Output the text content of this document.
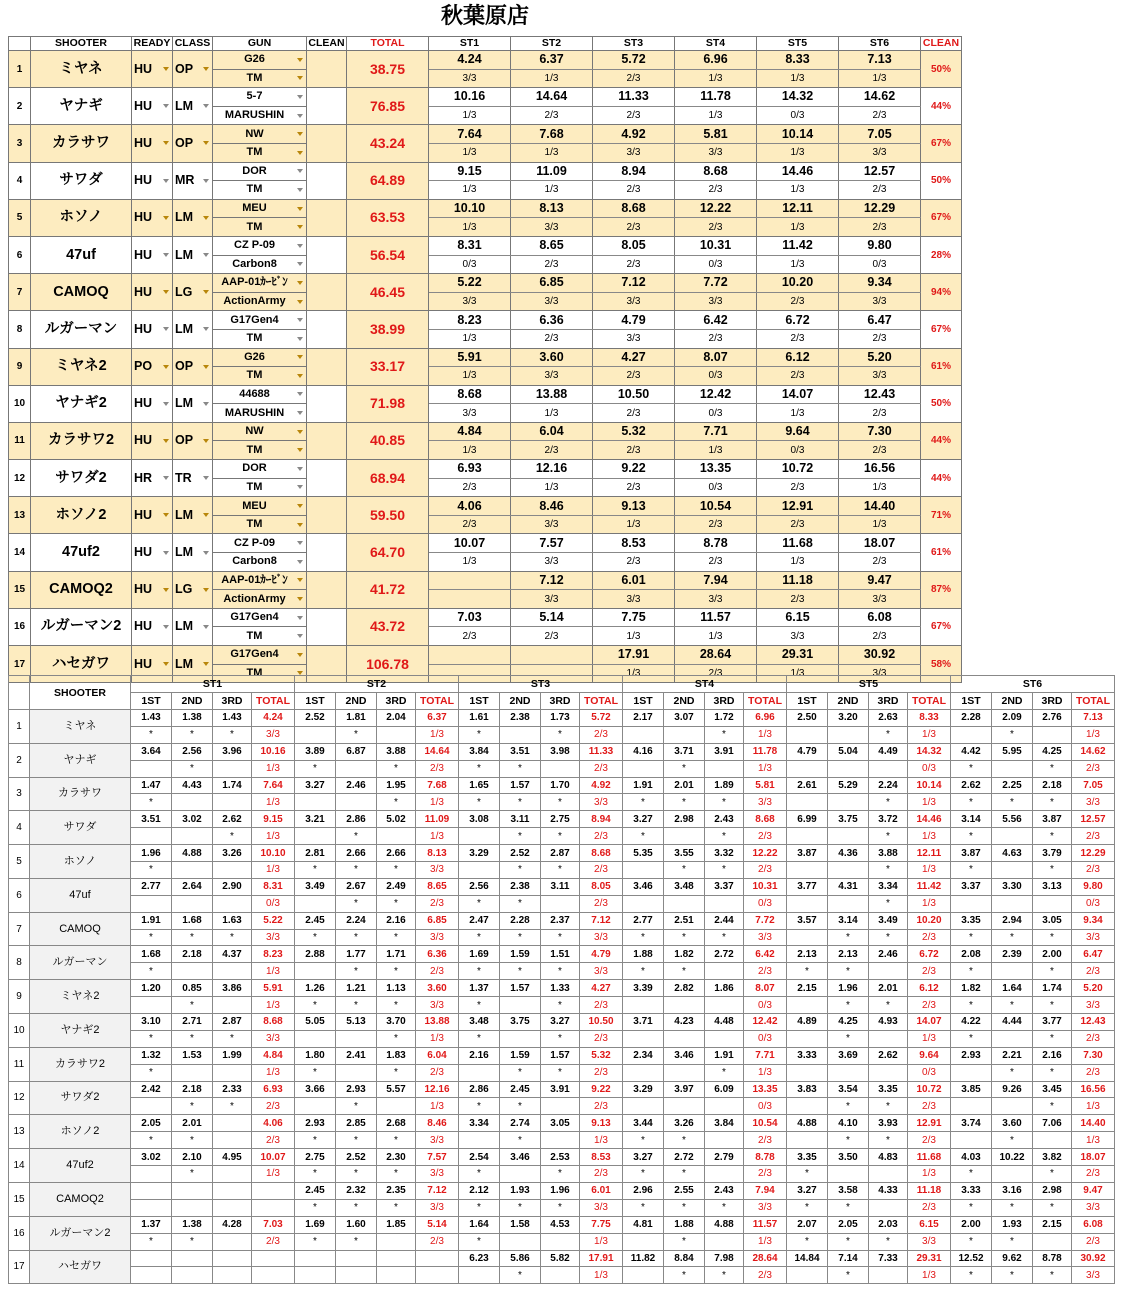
秋葉原店
	SHOOTER	READY	CLASS	GUN	CLEAN	TOTAL	ST1	ST2	ST3	ST4	ST5	ST6	CLEAN
1	ミヤネ	HU	OP	G26		38.75	4.24	6.37	5.72	6.96	8.33	7.13	50%
				TM			3/3	1/3	2/3	1/3	1/3	1/3	
2	ヤナギ	HU	LM	5-7		76.85	10.16	14.64	11.33	11.78	14.32	14.62	44%
				MARUSHIN			1/3	2/3	2/3	1/3	0/3	2/3	
3	カラサワ	HU	OP	NW		43.24	7.64	7.68	4.92	5.81	10.14	7.05	67%
				TM			1/3	1/3	3/3	3/3	1/3	3/3	
4	サワダ	HU	MR	DOR		64.89	9.15	11.09	8.94	8.68	14.46	12.57	50%
				TM			1/3	1/3	2/3	2/3	1/3	2/3	
5	ホソノ	HU	LM	MEU		63.53	10.10	8.13	8.68	12.22	12.11	12.29	67%
				TM			1/3	3/3	2/3	2/3	1/3	2/3	
6	47uf	HU	LM	CZ P-09		56.54	8.31	8.65	8.05	10.31	11.42	9.80	28%
				Carbon8			0/3	2/3	2/3	0/3	1/3	0/3	
7	CAMOQ	HU	LG	AAP-01ｶｰﾋﾞﾝ		46.45	5.22	6.85	7.12	7.72	10.20	9.34	94%
				ActionArmy			3/3	3/3	3/3	3/3	2/3	3/3	
8	ルガーマン	HU	LM	G17Gen4		38.99	8.23	6.36	4.79	6.42	6.72	6.47	67%
				TM			1/3	2/3	3/3	2/3	2/3	2/3	
9	ミヤネ2	PO	OP	G26		33.17	5.91	3.60	4.27	8.07	6.12	5.20	61%
				TM			1/3	3/3	2/3	0/3	2/3	3/3	
10	ヤナギ2	HU	LM	44688		71.98	8.68	13.88	10.50	12.42	14.07	12.43	50%
				MARUSHIN			3/3	1/3	2/3	0/3	1/3	2/3	
11	カラサワ2	HU	OP	NW		40.85	4.84	6.04	5.32	7.71	9.64	7.30	44%
				TM			1/3	2/3	2/3	1/3	0/3	2/3	
12	サワダ2	HR	TR	DOR		68.94	6.93	12.16	9.22	13.35	10.72	16.56	44%
				TM			2/3	1/3	2/3	0/3	2/3	1/3	
13	ホソノ2	HU	LM	MEU		59.50	4.06	8.46	9.13	10.54	12.91	14.40	71%
				TM			2/3	3/3	1/3	2/3	2/3	1/3	
14	47uf2	HU	LM	CZ P-09		64.70	10.07	7.57	8.53	8.78	11.68	18.07	61%
				Carbon8			1/3	3/3	2/3	2/3	1/3	2/3	
15	CAMOQ2	HU	LG	AAP-01ｶｰﾋﾞﾝ		41.72		7.12	6.01	7.94	11.18	9.47	87%
				ActionArmy				3/3	3/3	3/3	2/3	3/3	
16	ルガーマン2	HU	LM	G17Gen4		43.72	7.03	5.14	7.75	11.57	6.15	6.08	67%
				TM			2/3	2/3	1/3	1/3	3/3	2/3	
17	ハセガワ	HU	LM	G17Gen4		106.78			17.91	28.64	29.31	30.92	58%
				TM					1/3	2/3	1/3	3/3	
	SHOOTER	ST1				ST2				ST3				ST4				ST5				ST6			
		1ST	2ND	3RD	TOTAL	1ST	2ND	3RD	TOTAL	1ST	2ND	3RD	TOTAL	1ST	2ND	3RD	TOTAL	1ST	2ND	3RD	TOTAL	1ST	2ND	3RD	TOTAL
1	ミヤネ	1.43	1.38	1.43	4.24	2.52	1.81	2.04	6.37	1.61	2.38	1.73	5.72	2.17	3.07	1.72	6.96	2.50	3.20	2.63	8.33	2.28	2.09	2.76	7.13
		*	*	*	3/3		*		1/3	*		*	2/3			*	1/3			*	1/3		*		1/3
2	ヤナギ	3.64	2.56	3.96	10.16	3.89	6.87	3.88	14.64	3.84	3.51	3.98	11.33	4.16	3.71	3.91	11.78	4.79	5.04	4.49	14.32	4.42	5.95	4.25	14.62
			*		1/3	*		*	2/3	*	*		2/3		*		1/3				0/3	*		*	2/3
3	カラサワ	1.47	4.43	1.74	7.64	3.27	2.46	1.95	7.68	1.65	1.57	1.70	4.92	1.91	2.01	1.89	5.81	2.61	5.29	2.24	10.14	2.62	2.25	2.18	7.05
		*			1/3			*	1/3	*	*	*	3/3	*	*	*	3/3			*	1/3	*	*	*	3/3
4	サワダ	3.51	3.02	2.62	9.15	3.21	2.86	5.02	11.09	3.08	3.11	2.75	8.94	3.27	2.98	2.43	8.68	6.99	3.75	3.72	14.46	3.14	5.56	3.87	12.57
				*	1/3		*		1/3		*	*	2/3	*		*	2/3			*	1/3	*		*	2/3
5	ホソノ	1.96	4.88	3.26	10.10	2.81	2.66	2.66	8.13	3.29	2.52	2.87	8.68	5.35	3.55	3.32	12.22	3.87	4.36	3.88	12.11	3.87	4.63	3.79	12.29
		*			1/3	*	*	*	3/3		*	*	2/3		*	*	2/3			*	1/3	*		*	2/3
6	47uf	2.77	2.64	2.90	8.31	3.49	2.67	2.49	8.65	2.56	2.38	3.11	8.05	3.46	3.48	3.37	10.31	3.77	4.31	3.34	11.42	3.37	3.30	3.13	9.80
					0/3		*	*	2/3	*	*		2/3				0/3			*	1/3				0/3
7	CAMOQ	1.91	1.68	1.63	5.22	2.45	2.24	2.16	6.85	2.47	2.28	2.37	7.12	2.77	2.51	2.44	7.72	3.57	3.14	3.49	10.20	3.35	2.94	3.05	9.34
		*	*	*	3/3	*	*	*	3/3	*	*	*	3/3	*	*	*	3/3		*	*	2/3	*	*	*	3/3
8	ルガーマン	1.68	2.18	4.37	8.23	2.88	1.77	1.71	6.36	1.69	1.59	1.51	4.79	1.88	1.82	2.72	6.42	2.13	2.13	2.46	6.72	2.08	2.39	2.00	6.47
		*			1/3		*	*	2/3	*	*	*	3/3	*	*		2/3	*	*		2/3	*		*	2/3
9	ミヤネ2	1.20	0.85	3.86	5.91	1.26	1.21	1.13	3.60	1.37	1.57	1.33	4.27	3.39	2.82	1.86	8.07	2.15	1.96	2.01	6.12	1.82	1.64	1.74	5.20
			*		1/3	*	*	*	3/3	*		*	2/3				0/3		*	*	2/3	*	*	*	3/3
10	ヤナギ2	3.10	2.71	2.87	8.68	5.05	5.13	3.70	13.88	3.48	3.75	3.27	10.50	3.71	4.23	4.48	12.42	4.89	4.25	4.93	14.07	4.22	4.44	3.77	12.43
		*	*	*	3/3			*	1/3	*		*	2/3				0/3		*		1/3	*		*	2/3
11	カラサワ2	1.32	1.53	1.99	4.84	1.80	2.41	1.83	6.04	2.16	1.59	1.57	5.32	2.34	3.46	1.91	7.71	3.33	3.69	2.62	9.64	2.93	2.21	2.16	7.30
		*			1/3	*		*	2/3		*	*	2/3			*	1/3				0/3		*	*	2/3
12	サワダ2	2.42	2.18	2.33	6.93	3.66	2.93	5.57	12.16	2.86	2.45	3.91	9.22	3.29	3.97	6.09	13.35	3.83	3.54	3.35	10.72	3.85	9.26	3.45	16.56
			*	*	2/3		*		1/3	*	*		2/3				0/3		*	*	2/3			*	1/3
13	ホソノ2	2.05	2.01		4.06	2.93	2.85	2.68	8.46	3.34	2.74	3.05	9.13	3.44	3.26	3.84	10.54	4.88	4.10	3.93	12.91	3.74	3.60	7.06	14.40
		*	*		2/3	*	*	*	3/3		*		1/3	*	*		2/3		*	*	2/3		*		1/3
14	47uf2	3.02	2.10	4.95	10.07	2.75	2.52	2.30	7.57	2.54	3.46	2.53	8.53	3.27	2.72	2.79	8.78	3.35	3.50	4.83	11.68	4.03	10.22	3.82	18.07
			*		1/3	*	*	*	3/3	*		*	2/3	*	*		2/3	*			1/3	*		*	2/3
15	CAMOQ2					2.45	2.32	2.35	7.12	2.12	1.93	1.96	6.01	2.96	2.55	2.43	7.94	3.27	3.58	4.33	11.18	3.33	3.16	2.98	9.47
						*	*	*	3/3	*	*	*	3/3	*	*	*	3/3	*	*		2/3	*	*	*	3/3
16	ルガーマン2	1.37	1.38	4.28	7.03	1.69	1.60	1.85	5.14	1.64	1.58	4.53	7.75	4.81	1.88	4.88	11.57	2.07	2.05	2.03	6.15	2.00	1.93	2.15	6.08
		*	*		2/3	*	*		2/3	*			1/3		*		1/3	*	*	*	3/3	*	*		2/3
17	ハセガワ									6.23	5.86	5.82	17.91	11.82	8.84	7.98	28.64	14.84	7.14	7.33	29.31	12.52	9.62	8.78	30.92
											*		1/3		*	*	2/3		*		1/3	*	*	*	3/3
